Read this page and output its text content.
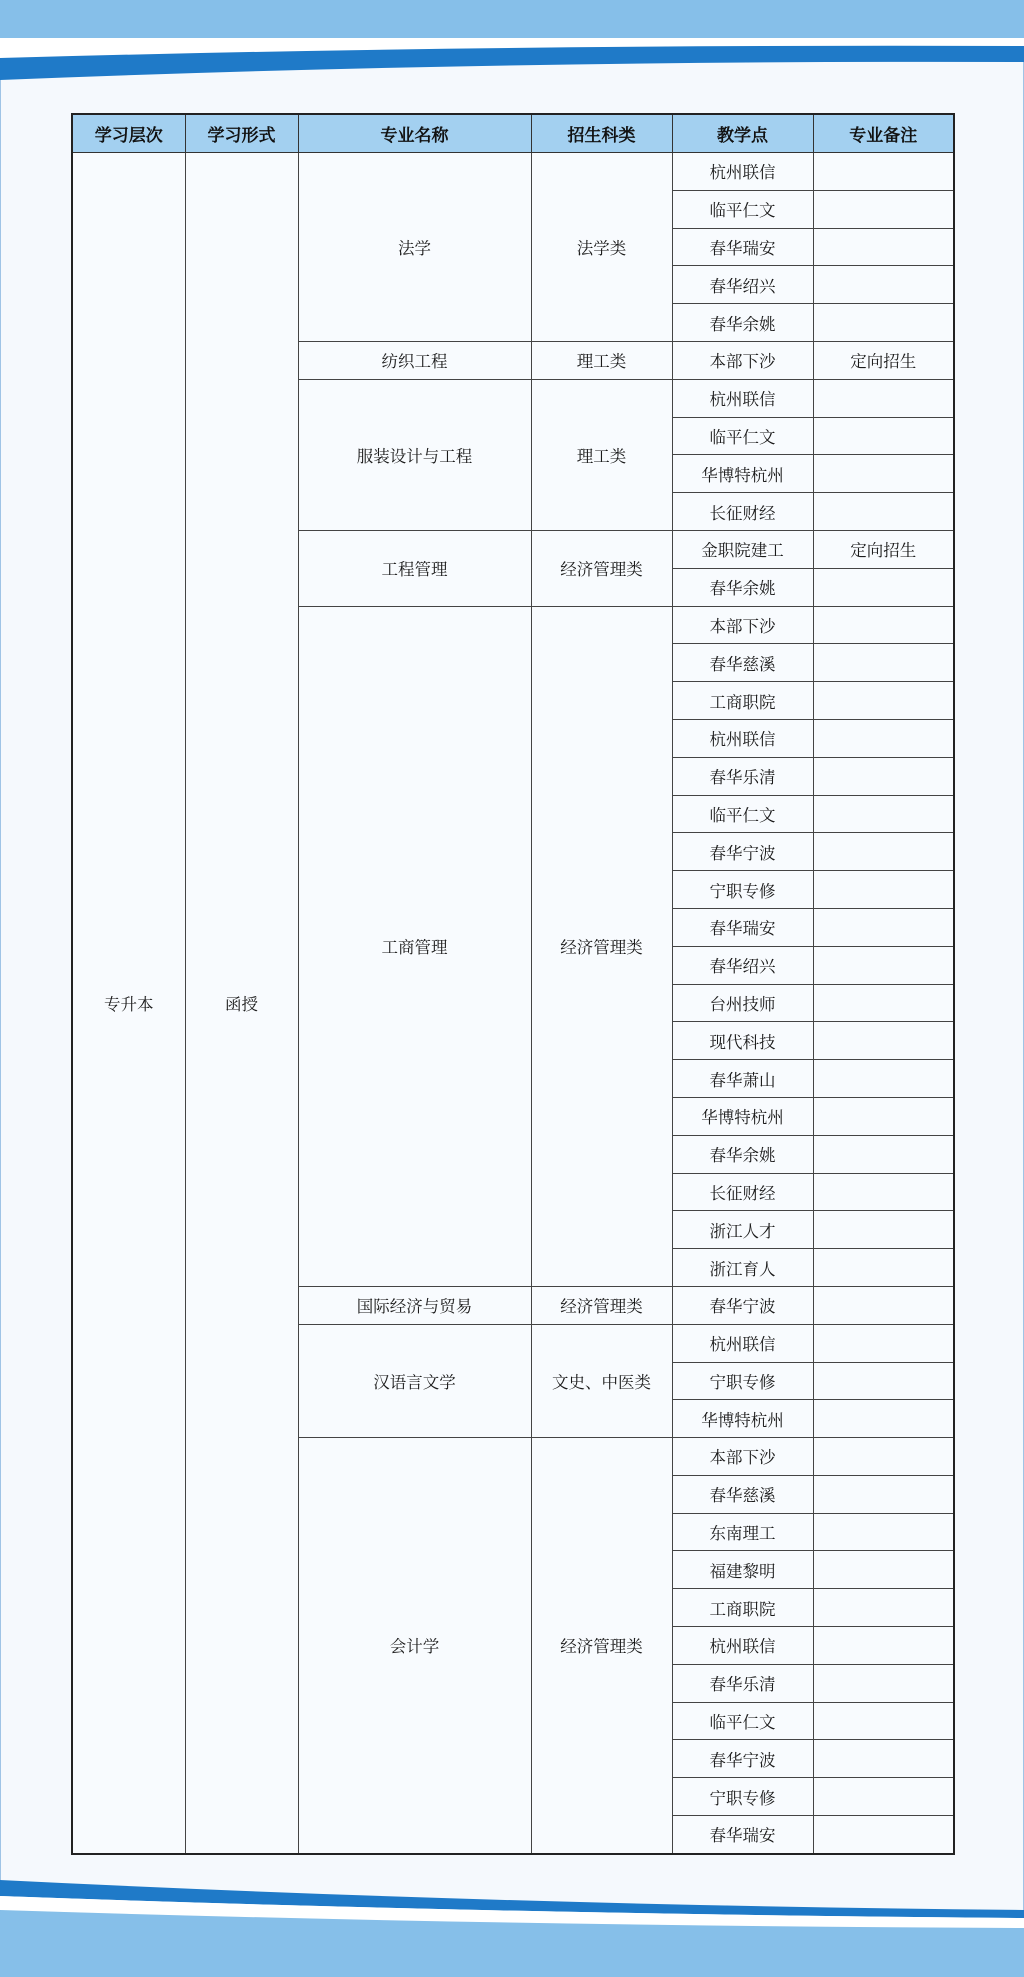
学习层次	学习形式	专业名称	招生科类	教学点	专业备注
专升本	函授	法学	法学类	杭州联信	
				临平仁文	
				春华瑞安	
				春华绍兴	
				春华余姚	
		纺织工程	理工类	本部下沙	定向招生
		服装设计与工程	理工类	杭州联信	
				临平仁文	
				华博特杭州	
				长征财经	
		工程管理	经济管理类	金职院建工	定向招生
				春华余姚	
		工商管理	经济管理类	本部下沙	
				春华慈溪	
				工商职院	
				杭州联信	
				春华乐清	
				临平仁文	
				春华宁波	
				宁职专修	
				春华瑞安	
				春华绍兴	
				台州技师	
				现代科技	
				春华萧山	
				华博特杭州	
				春华余姚	
				长征财经	
				浙江人才	
				浙江育人	
		国际经济与贸易	经济管理类	春华宁波	
		汉语言文学	文史、中医类	杭州联信	
				宁职专修	
				华博特杭州	
		会计学	经济管理类	本部下沙	
				春华慈溪	
				东南理工	
				福建黎明	
				工商职院	
				杭州联信	
				春华乐清	
				临平仁文	
				春华宁波	
				宁职专修	
				春华瑞安	
